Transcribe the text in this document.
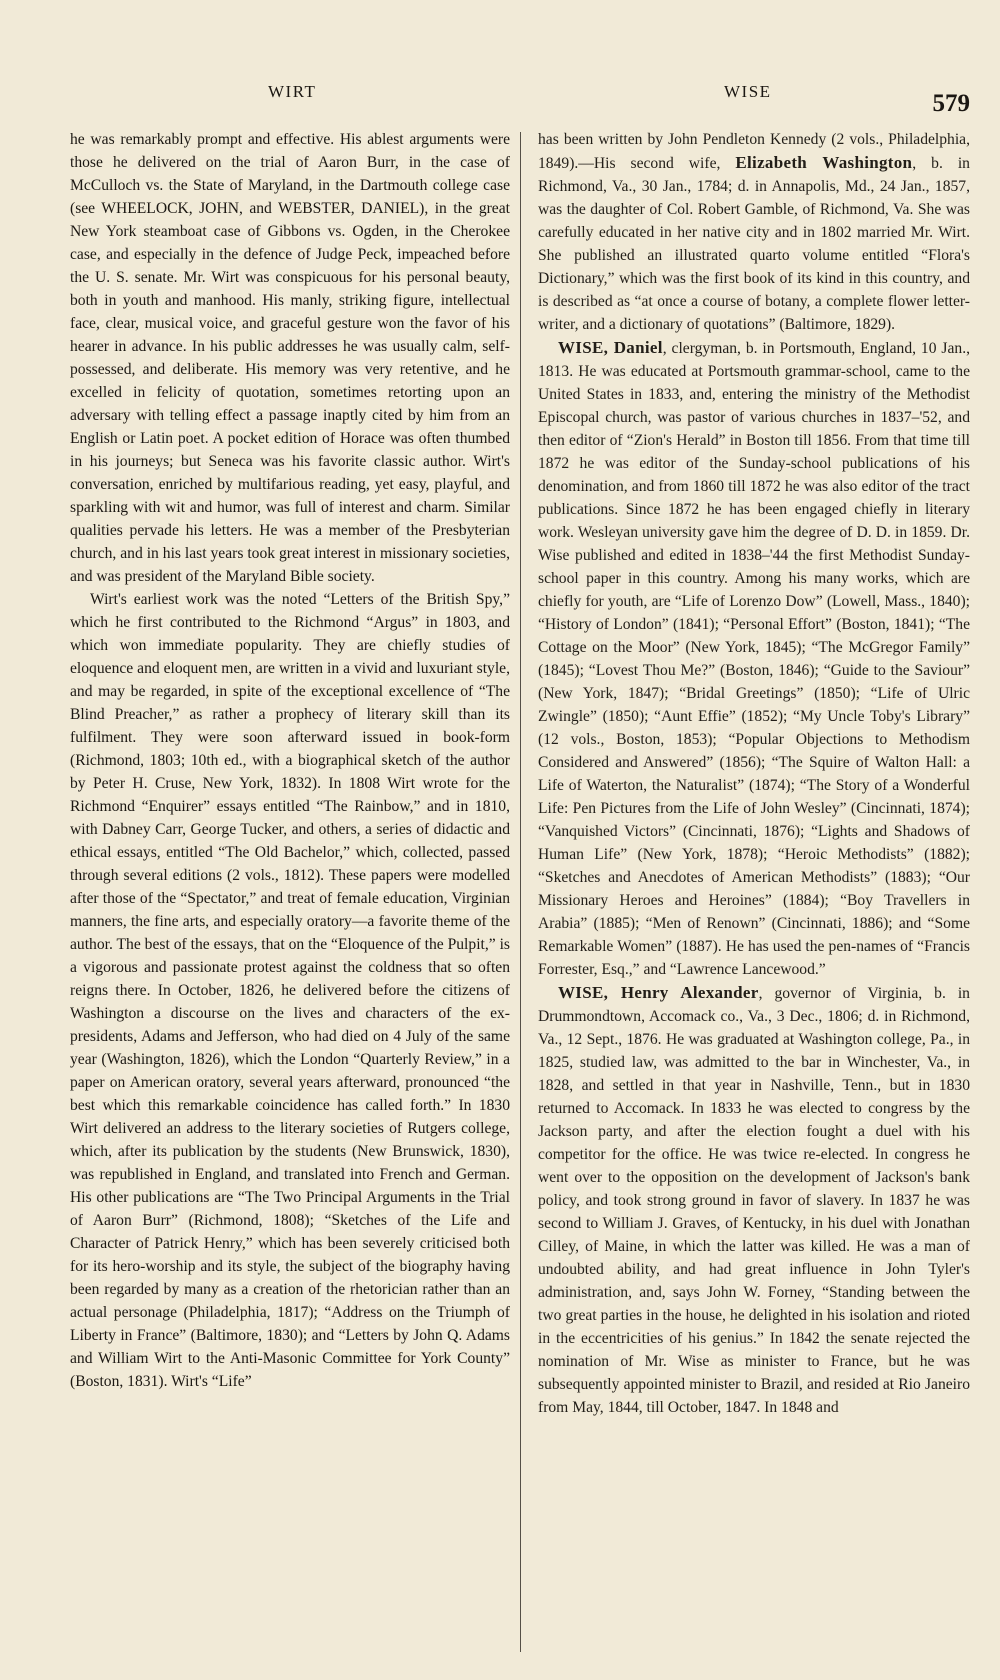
WIRT	WISE	579

he was remarkably prompt and effective. His ablest arguments were those he delivered on the trial of Aaron Burr, in the case of McCulloch vs. the State of Maryland, in the Dartmouth college case (see WHEELOCK, JOHN, and WEBSTER, DANIEL), in the great New York steamboat case of Gibbons vs. Ogden, in the Cherokee case, and especially in the defence of Judge Peck, impeached before the U. S. senate. Mr. Wirt was conspicuous for his personal beauty, both in youth and manhood. His manly, striking figure, intellectual face, clear, musical voice, and graceful gesture won the favor of his hearer in advance. In his public addresses he was usually calm, self-possessed, and deliberate. His memory was very retentive, and he excelled in felicity of quotation, sometimes retorting upon an adversary with telling effect a passage inaptly cited by him from an English or Latin poet. A pocket edition of Horace was often thumbed in his journeys; but Seneca was his favorite classic author. Wirt's conversation, enriched by multifarious reading, yet easy, playful, and sparkling with wit and humor, was full of interest and charm. Similar qualities pervade his letters. He was a member of the Presbyterian church, and in his last years took great interest in missionary societies, and was president of the Maryland Bible society.

Wirt's earliest work was the noted “Letters of the British Spy,” which he first contributed to the Richmond “Argus” in 1803, and which won immediate popularity. They are chiefly studies of eloquence and eloquent men, are written in a vivid and luxuriant style, and may be regarded, in spite of the exceptional excellence of “The Blind Preacher,” as rather a prophecy of literary skill than its fulfilment. They were soon afterward issued in book-form (Richmond, 1803; 10th ed., with a biographical sketch of the author by Peter H. Cruse, New York, 1832). In 1808 Wirt wrote for the Richmond “Enquirer” essays entitled “The Rainbow,” and in 1810, with Dabney Carr, George Tucker, and others, a series of didactic and ethical essays, entitled “The Old Bachelor,” which, collected, passed through several editions (2 vols., 1812). These papers were modelled after those of the “Spectator,” and treat of female education, Virginian manners, the fine arts, and especially oratory—a favorite theme of the author. The best of the essays, that on the “Eloquence of the Pulpit,” is a vigorous and passionate protest against the coldness that so often reigns there. In October, 1826, he delivered before the citizens of Washington a discourse on the lives and characters of the ex-presidents, Adams and Jefferson, who had died on 4 July of the same year (Washington, 1826), which the London “Quarterly Review,” in a paper on American oratory, several years afterward, pronounced “the best which this remarkable coincidence has called forth.” In 1830 Wirt delivered an address to the literary societies of Rutgers college, which, after its publication by the students (New Brunswick, 1830), was republished in England, and translated into French and German. His other publications are “The Two Principal Arguments in the Trial of Aaron Burr” (Richmond, 1808); “Sketches of the Life and Character of Patrick Henry,” which has been severely criticised both for its hero-worship and its style, the subject of the biography having been regarded by many as a creation of the rhetorician rather than an actual personage (Philadelphia, 1817); “Address on the Triumph of Liberty in France” (Baltimore, 1830); and “Letters by John Q. Adams and William Wirt to the Anti-Masonic Committee for York County” (Boston, 1831). Wirt's “Life”

has been written by John Pendleton Kennedy (2 vols., Philadelphia, 1849).—His second wife, Elizabeth Washington, b. in Richmond, Va., 30 Jan., 1784; d. in Annapolis, Md., 24 Jan., 1857, was the daughter of Col. Robert Gamble, of Richmond, Va. She was carefully educated in her native city and in 1802 married Mr. Wirt. She published an illustrated quarto volume entitled “Flora's Dictionary,” which was the first book of its kind in this country, and is described as “at once a course of botany, a complete flower letter-writer, and a dictionary of quotations” (Baltimore, 1829).

WISE, Daniel, clergyman, b. in Portsmouth, England, 10 Jan., 1813. He was educated at Portsmouth grammar-school, came to the United States in 1833, and, entering the ministry of the Methodist Episcopal church, was pastor of various churches in 1837–'52, and then editor of “Zion's Herald” in Boston till 1856. From that time till 1872 he was editor of the Sunday-school publications of his denomination, and from 1860 till 1872 he was also editor of the tract publications. Since 1872 he has been engaged chiefly in literary work. Wesleyan university gave him the degree of D. D. in 1859. Dr. Wise published and edited in 1838–'44 the first Methodist Sunday-school paper in this country. Among his many works, which are chiefly for youth, are “Life of Lorenzo Dow” (Lowell, Mass., 1840); “History of London” (1841); “Personal Effort” (Boston, 1841); “The Cottage on the Moor” (New York, 1845); “The McGregor Family” (1845); “Lovest Thou Me?” (Boston, 1846); “Guide to the Saviour” (New York, 1847); “Bridal Greetings” (1850); “Life of Ulric Zwingle” (1850); “Aunt Effie” (1852); “My Uncle Toby's Library” (12 vols., Boston, 1853); “Popular Objections to Methodism Considered and Answered” (1856); “The Squire of Walton Hall: a Life of Waterton, the Naturalist” (1874); “The Story of a Wonderful Life: Pen Pictures from the Life of John Wesley” (Cincinnati, 1874); “Vanquished Victors” (Cincinnati, 1876); “Lights and Shadows of Human Life” (New York, 1878); “Heroic Methodists” (1882); “Sketches and Anecdotes of American Methodists” (1883); “Our Missionary Heroes and Heroines” (1884); “Boy Travellers in Arabia” (1885); “Men of Renown” (Cincinnati, 1886); and “Some Remarkable Women” (1887). He has used the pen-names of “Francis Forrester, Esq.,” and “Lawrence Lancewood.”

WISE, Henry Alexander, governor of Virginia, b. in Drummondtown, Accomack co., Va., 3 Dec., 1806; d. in Richmond, Va., 12 Sept., 1876. He was graduated at Washington college, Pa., in 1825, studied law, was admitted to the bar in Winchester, Va., in 1828, and settled in that year in Nashville, Tenn., but in 1830 returned to Accomack. In 1833 he was elected to congress by the Jackson party, and after the election fought a duel with his competitor for the office. He was twice re-elected. In congress he went over to the opposition on the development of Jackson's bank policy, and took strong ground in favor of slavery. In 1837 he was second to William J. Graves, of Kentucky, in his duel with Jonathan Cilley, of Maine, in which the latter was killed. He was a man of undoubted ability, and had great influence in John Tyler's administration, and, says John W. Forney, “Standing between the two great parties in the house, he delighted in his isolation and rioted in the eccentricities of his genius.” In 1842 the senate rejected the nomination of Mr. Wise as minister to France, but he was subsequently appointed minister to Brazil, and resided at Rio Janeiro from May, 1844, till October, 1847. In 1848 and
